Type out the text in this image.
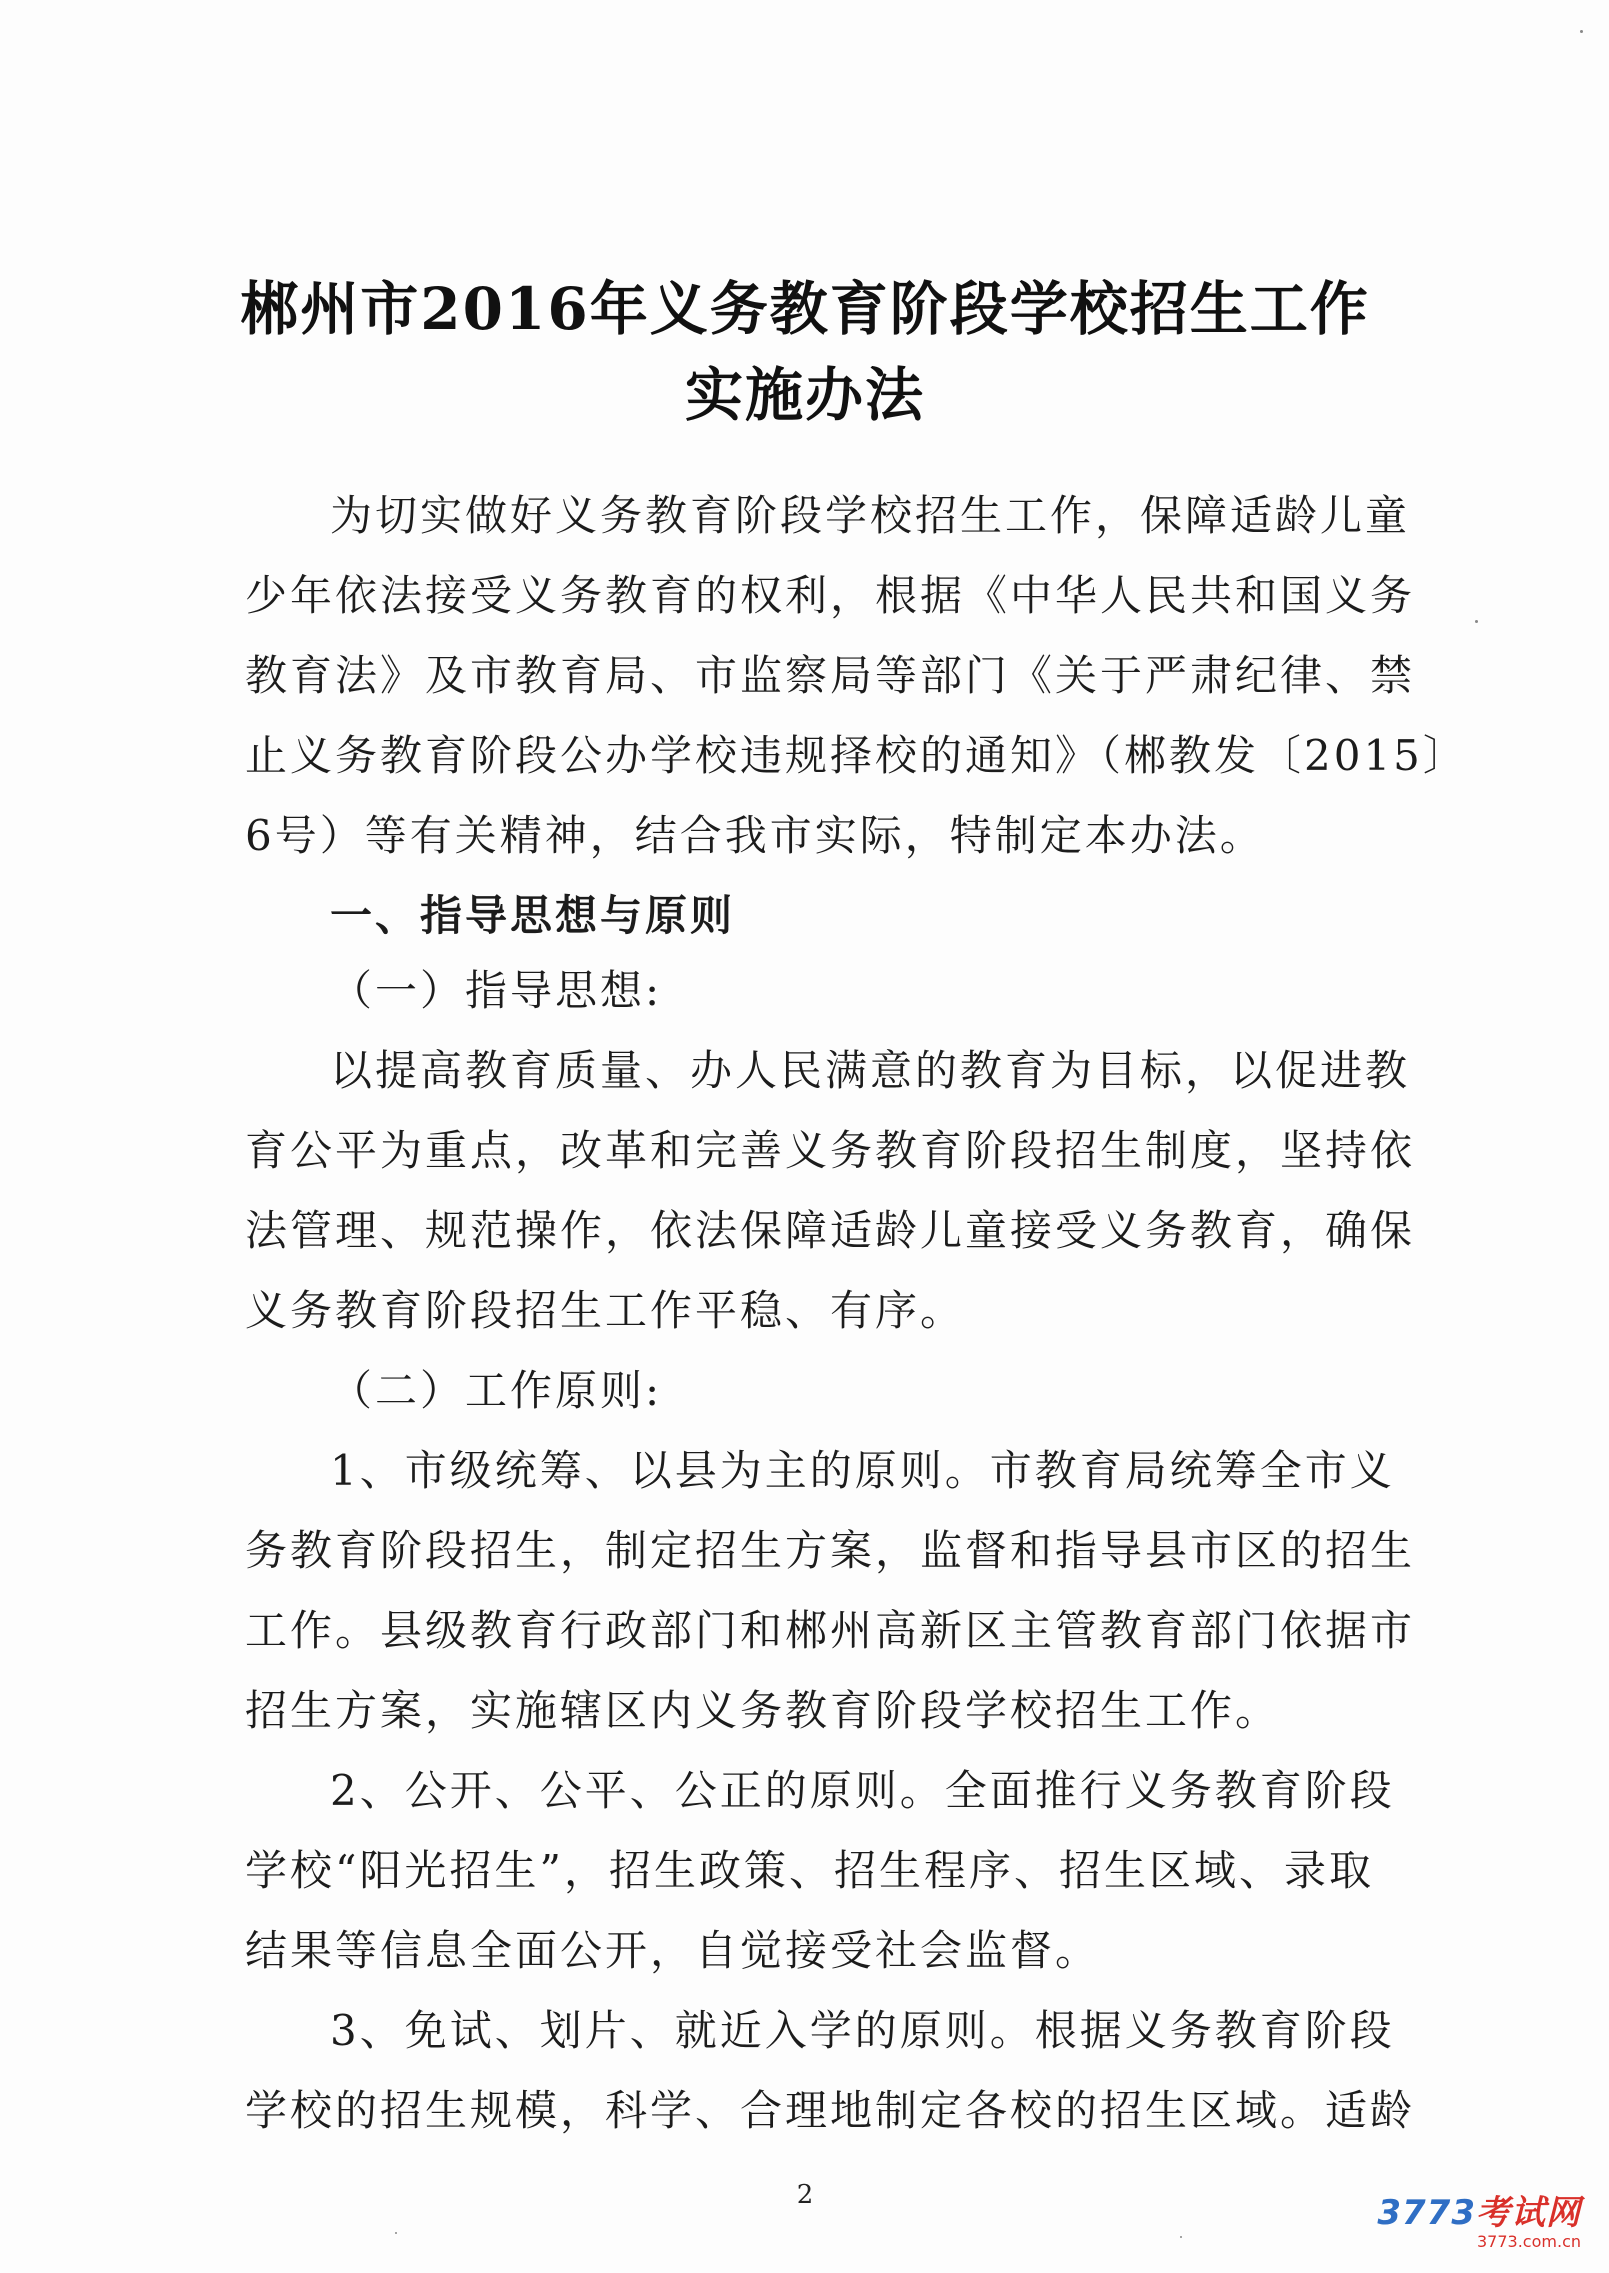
郴州市2016年义务教育阶段学校招生工作
实施办法
为切实做好义务教育阶段学校招生工作，保障适龄儿童
少年依法接受义务教育的权利，根据《中华人民共和国义务
教育法》及市教育局、市监察局等部门《关于严肃纪律、禁
止义务教育阶段公办学校违规择校的通知》（郴教发〔2015〕
6号）等有关精神，结合我市实际，特制定本办法。
一、指导思想与原则
（一）指导思想:
以提高教育质量、办人民满意的教育为目标，以促进教
育公平为重点，改革和完善义务教育阶段招生制度，坚持依
法管理、规范操作，依法保障适龄儿童接受义务教育，确保
义务教育阶段招生工作平稳、有序。
（二）工作原则:
1、市级统筹、以县为主的原则。市教育局统筹全市义
务教育阶段招生，制定招生方案，监督和指导县市区的招生
工作。县级教育行政部门和郴州高新区主管教育部门依据市
招生方案，实施辖区内义务教育阶段学校招生工作。
2、公开、公平、公正的原则。全面推行义务教育阶段
学校“阳光招生”，招生政策、招生程序、招生区域、录取
结果等信息全面公开，自觉接受社会监督。
3、免试、划片、就近入学的原则。根据义务教育阶段
学校的招生规模，科学、合理地制定各校的招生区域。适龄
2	3773考试网
3773.com.cn
